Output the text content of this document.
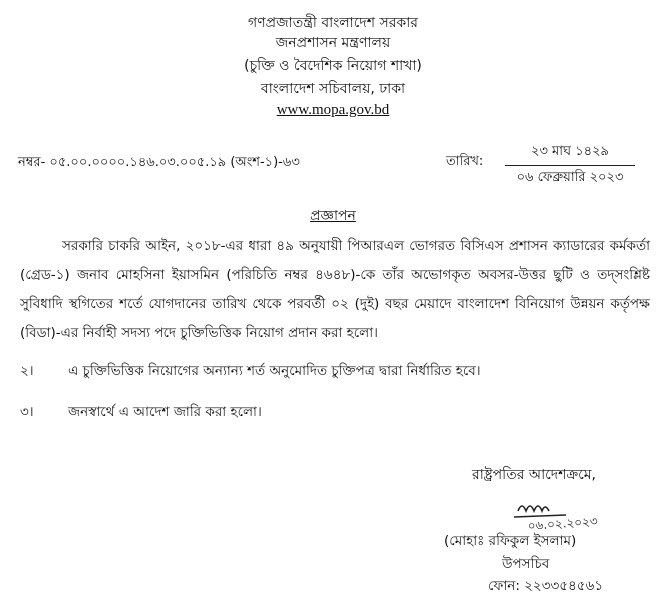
গণপ্রজাতন্ত্রী বাংলাদেশ সরকার
জনপ্রশাসন মন্ত্রণালয়
(চুক্তি ও বৈদেশিক নিয়োগ শাখা)
বাংলাদেশ সচিবালয়, ঢাকা
www.mopa.gov.bd
নম্বর- ০৫.০০.০০০০.১৪৬.০৩.০০৫.১৯ (অংশ-১)-৬৩	তারিখ:
২৩ মাঘ ১৪২৯
০৬ ফেব্রুয়ারি ২০২৩
প্রজ্ঞাপন
সরকারি চাকরি আইন, ২০১৮-এর ধারা ৪৯ অনুযায়ী পিআরএল ভোগরত বিসিএস প্রশাসন ক্যাডারের কর্মকর্তা (গ্রেড-১) জনাব মোহসিনা ইয়াসমিন (পরিচিতি নম্বর ৪৬৪৮)-কে তাঁর অভোগকৃত অবসর-উত্তর ছুটি ও তদ্‌সংশ্লিষ্ট সুবিধাদি স্থগিতের শর্তে যোগদানের তারিখ থেকে পরবর্তী ০২ (দুই) বছর মেয়াদে বাংলাদেশ বিনিয়োগ উন্নয়ন কর্তৃপক্ষ (বিডা)-এর নির্বাহী সদস্য পদে চুক্তিভিত্তিক নিয়োগ প্রদান করা হলো।
২।	এ চুক্তিভিত্তিক নিয়োগের অন্যান্য শর্ত অনুমোদিত চুক্তিপত্র দ্বারা নির্ধারিত হবে।
৩।	জনস্বার্থে এ আদেশ জারি করা হলো।
রাষ্ট্রপতির আদেশক্রমে,
০৬.০২.২০২৩
(মোহাঃ রফিকুল ইসলাম)
উপসচিব
ফোন: ২২৩৩৫৪৫৬১
